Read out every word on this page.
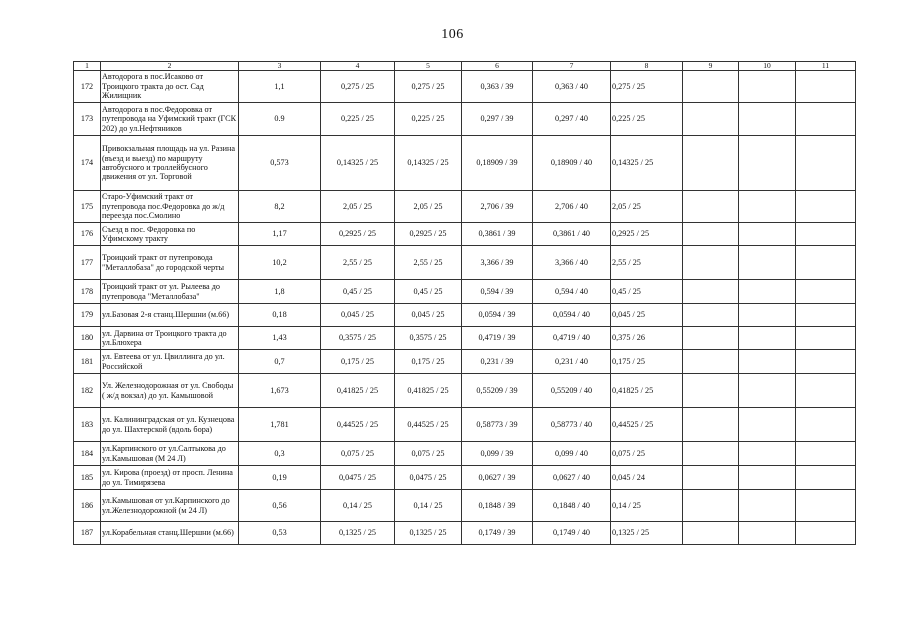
106
1	2	3	4	5	6	7	8	9	10	11
172	Автодорога в пос.Исаково от Троицкого тракта до ост. Сад Жилищник	1,1	0,275 / 25	0,275 / 25	0,363 / 39	0,363 / 40	0,275 / 25			
173	Автодорога в пос.Федоровка от путепровода на Уфимский тракт (ГСК 202) до ул.Нефтяников	0.9	0,225 / 25	0,225 / 25	0,297 / 39	0,297 / 40	0,225 / 25			
174	Привокзальная площадь на ул. Разина (въезд и выезд) по маршруту автобусного и троллейбусного движения от ул. Торговой	0,573	0,14325 / 25	0,14325 / 25	0,18909 / 39	0,18909 / 40	0,14325 / 25			
175	Старо-Уфимский тракт от путепровода пос.Федоровка до ж/д переезда пос.Смолино	8,2	2,05 / 25	2,05 / 25	2,706 / 39	2,706 / 40	2,05 / 25			
176	Съезд в пос. Федоровка по Уфимскому тракту	1,17	0,2925 / 25	0,2925 / 25	0,3861 / 39	0,3861 / 40	0,2925 / 25			
177	Троицкий тракт от путепровода "Металлобаза" до городской черты	10,2	2,55 / 25	2,55 / 25	3,366 / 39	3,366 / 40	2,55 / 25			
178	Троицкий тракт от ул. Рылеева до путепровода "Металлобаза"	1,8	0,45 / 25	0,45 / 25	0,594 / 39	0,594 / 40	0,45 / 25			
179	ул.Базовая 2-я станц.Шершни (м.66)	0,18	0,045 / 25	0,045 / 25	0,0594 / 39	0,0594 / 40	0,045 / 25			
180	ул. Дарвина от Троицкого тракта до ул.Блюхера	1,43	0,3575 / 25	0,3575 / 25	0,4719 / 39	0,4719 / 40	0,375 / 26			
181	ул. Евтеева от ул. Цвиллинга до ул. Российской	0,7	0,175 / 25	0,175 / 25	0,231 / 39	0,231 / 40	0,175 / 25			
182	Ул. Железнодорожная от ул. Свободы ( ж/д вокзал) до ул. Камышовой	1,673	0,41825 / 25	0,41825 / 25	0,55209 / 39	0,55209 / 40	0,41825 / 25			
183	ул. Калининградская от ул. Кузнецова до ул. Шахтерской (вдоль бора)	1,781	0,44525 / 25	0,44525 / 25	0,58773 / 39	0,58773 / 40	0,44525 / 25			
184	ул.Карпинского от ул.Салтыкова до ул.Камышовая (М 24 Л)	0,3	0,075 / 25	0,075 / 25	0,099 / 39	0,099 / 40	0,075 / 25			
185	ул. Кирова (проезд) от просп. Ленина до ул. Тимирязева	0,19	0,0475 / 25	0,0475 / 25	0,0627 / 39	0,0627 / 40	0,045 / 24			
186	ул.Камышовая от ул.Карпинского до ул.Железнодорожной (м 24 Л)	0,56	0,14 / 25	0,14 / 25	0,1848 / 39	0,1848 / 40	0,14 / 25			
187	ул.Корабельная станц.Шершни (м.66)	0,53	0,1325 / 25	0,1325 / 25	0,1749 / 39	0,1749 / 40	0,1325 / 25			
